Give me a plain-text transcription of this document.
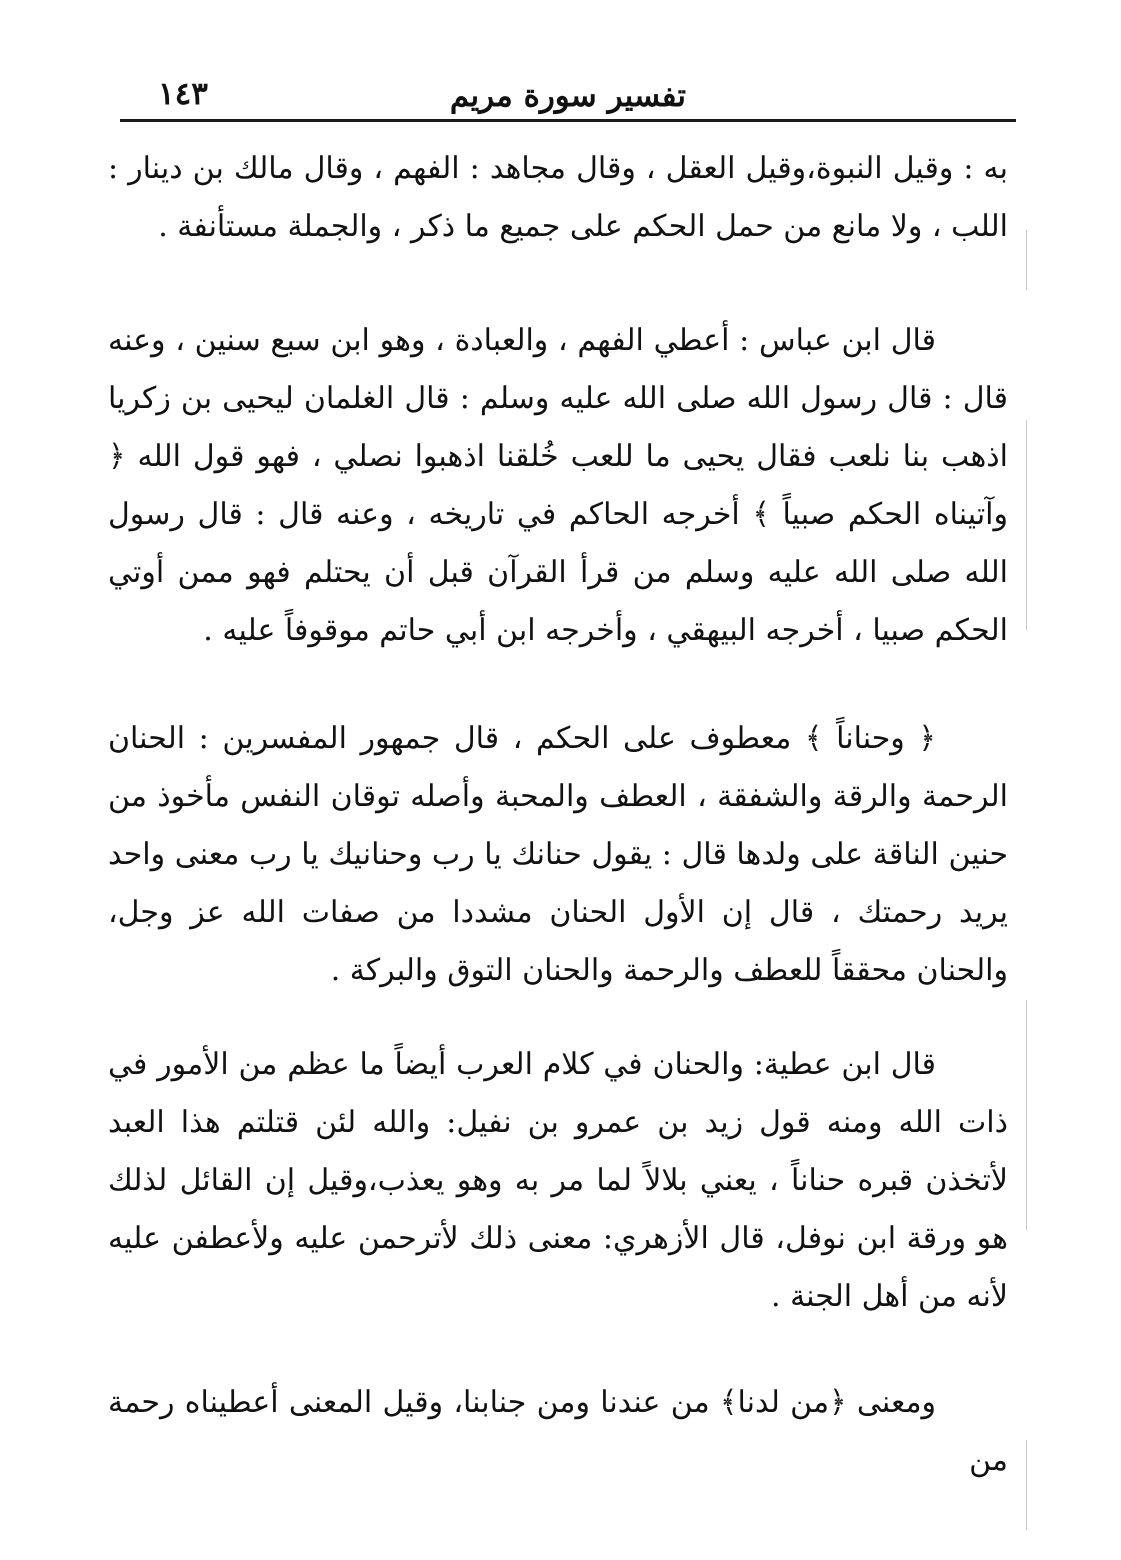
تفسير سورة مريم
١٤٣

به : وقيل النبوة،وقيل العقل ، وقال مجاهد : الفهم ، وقال مالك بن دينار : اللب ، ولا مانع من حمل الحكم على جميع ما ذكر ، والجملة مستأنفة .

قال ابن عباس : أعطي الفهم ، والعبادة ، وهو ابن سبع سنين ، وعنه قال : قال رسول الله صلى الله عليه وسلم : قال الغلمان ليحيى بن زكريا اذهب بنا نلعب فقال يحيى ما للعب خُلقنا اذهبوا نصلي ، فهو قول الله ﴿ وآتيناه الحكم صبياً ﴾ أخرجه الحاكم في تاريخه ، وعنه قال : قال رسول الله صلى الله عليه وسلم من قرأ القرآن قبل أن يحتلم فهو ممن أوتي الحكم صبيا ، أخرجه البيهقي ، وأخرجه ابن أبي حاتم موقوفاً عليه .

﴿ وحناناً ﴾ معطوف على الحكم ، قال جمهور المفسرين : الحنان الرحمة والرقة والشفقة ، العطف والمحبة وأصله توقان النفس مأخوذ من حنين الناقة على ولدها قال : يقول حنانك يا رب وحنانيك يا رب معنى واحد يريد رحمتك ، قال إن الأول الحنان مشددا من صفات الله عز وجل، والحنان محققاً للعطف والرحمة والحنان التوق والبركة .

قال ابن عطية: والحنان في كلام العرب أيضاً ما عظم من الأمور في ذات الله ومنه قول زيد بن عمرو بن نفيل: والله لئن قتلتم هذا العبد لأتخذن قبره حناناً ، يعني بلالاً لما مر به وهو يعذب،وقيل إن القائل لذلك هو ورقة ابن نوفل، قال الأزهري: معنى ذلك لأترحمن عليه ولأعطفن عليه لأنه من أهل الجنة .

ومعنى ﴿من لدنا﴾ من عندنا ومن جنابنا، وقيل المعنى أعطيناه رحمة من
